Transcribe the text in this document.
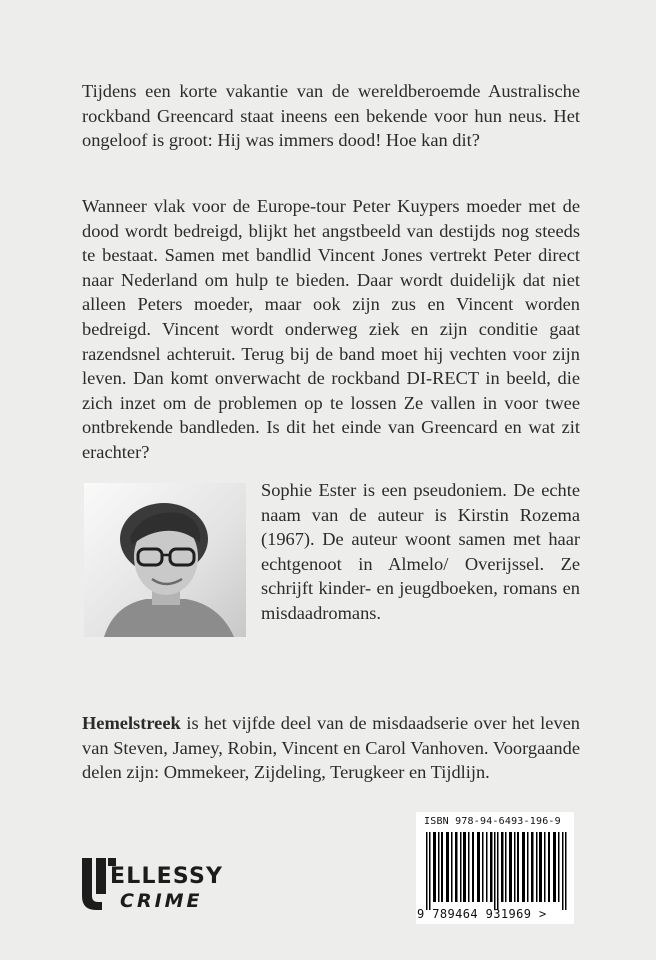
Tijdens een korte vakantie van de wereldberoemde Australische rockband Greencard staat ineens een bekende voor hun neus. Het ongeloof is groot: Hij was immers dood! Hoe kan dit?

Wanneer vlak voor de Europe-tour Peter Kuypers moeder met de dood wordt bedreigd, blijkt het angstbeeld van destijds nog steeds te bestaat. Samen met bandlid Vincent Jones vertrekt Peter direct naar Nederland om hulp te bieden. Daar wordt duidelijk dat niet alleen Peters moeder, maar ook zijn zus en Vincent worden bedreigd. Vincent wordt onderweg ziek en zijn conditie gaat razendsnel achteruit. Terug bij de band moet hij vechten voor zijn leven. Dan komt onverwacht de rockband DI-RECT in beeld, die zich inzet om de problemen op te lossen Ze vallen in voor twee ontbrekende bandleden. Is dit het einde van Greencard en wat zit erachter?

Sophie Ester is een pseudoniem. De echte naam van de auteur is Kirstin Rozema (1967). De auteur woont samen met haar echtgenoot in Almelo/ Overijssel. Ze schrijft kinder- en jeugdboeken, romans en misdaadromans.

Hemelstreek is het vijfde deel van de misdaadserie over het leven van Steven, Jamey, Robin, Vincent en Carol Vanhoven. Voorgaande delen zijn: Ommekeer, Zijdeling, Terugkeer en Tijdlijn.

ISBN 978-94-6493-196-9
9 789464 931969 >
ELLESSY
CRIME
